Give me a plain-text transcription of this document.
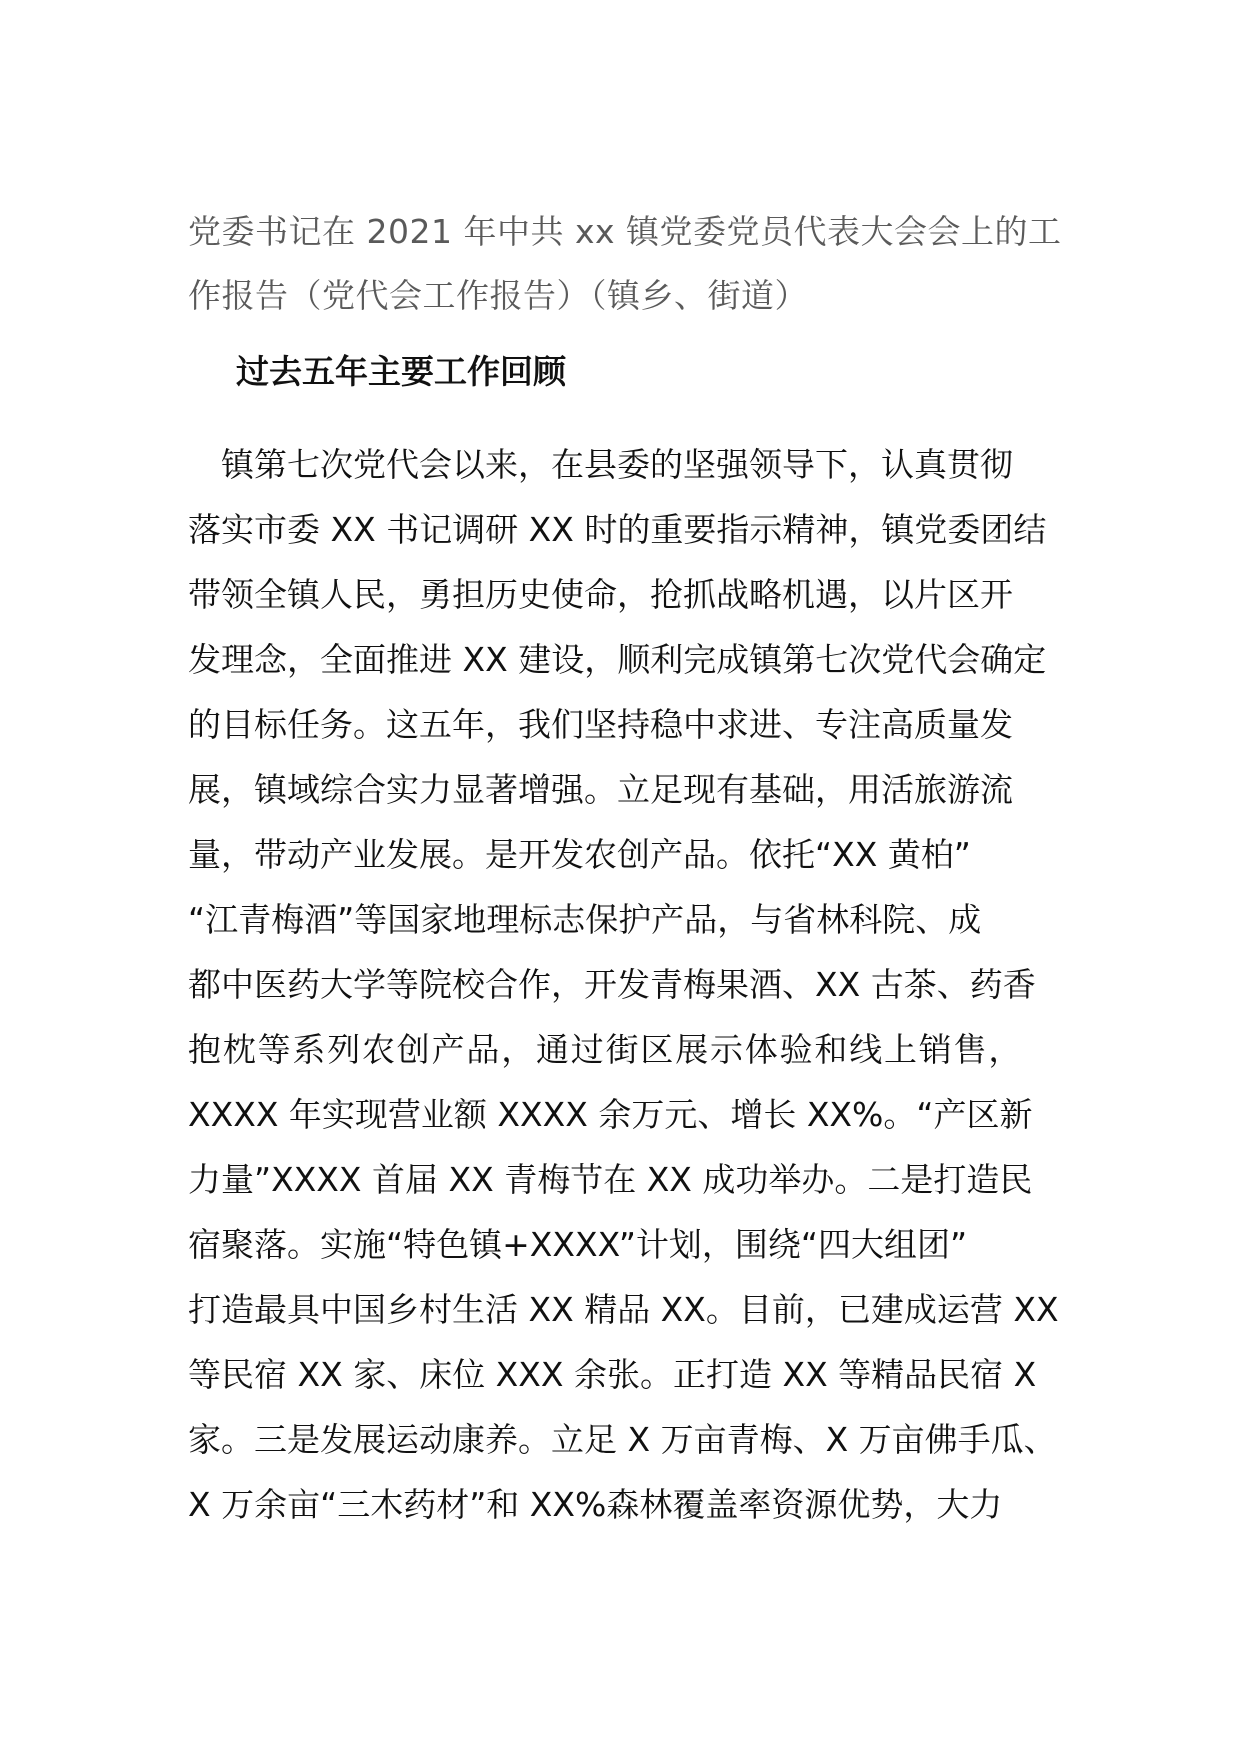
党委书记在 2021 年中共 xx 镇党委党员代表大会会上的工
作报告（党代会工作报告）（镇乡、街道）
过去五年主要工作回顾
　镇第七次党代会以来，在县委的坚强领导下，认真贯彻
落实市委 XX 书记调研 XX 时的重要指示精神，镇党委团结
带领全镇人民，勇担历史使命，抢抓战略机遇，以片区开
发理念，全面推进 XX 建设，顺利完成镇第七次党代会确定
的目标任务。这五年，我们坚持稳中求进、专注高质量发
展，镇域综合实力显著增强。立足现有基础，用活旅游流
量，带动产业发展。是开发农创产品。依托“XX 黄柏”
“江青梅酒”等国家地理标志保护产品，与省林科院、成
都中医药大学等院校合作，开发青梅果酒、XX 古茶、药香
抱枕等系列农创产品，通过街区展示体验和线上销售，
XXXX 年实现营业额 XXXX 余万元、增长 XX%。“产区新
力量”XXXX 首届 XX 青梅节在 XX 成功举办。二是打造民
宿聚落。实施“特色镇+XXXX”计划，围绕“四大组团”
打造最具中国乡村生活 XX 精品 XX。目前，已建成运营 XX
等民宿 XX 家、床位 XXX 余张。正打造 XX 等精品民宿 X
家。三是发展运动康养。立足 X 万亩青梅、X 万亩佛手瓜、
X 万余亩“三木药材”和 XX%森林覆盖率资源优势，大力
